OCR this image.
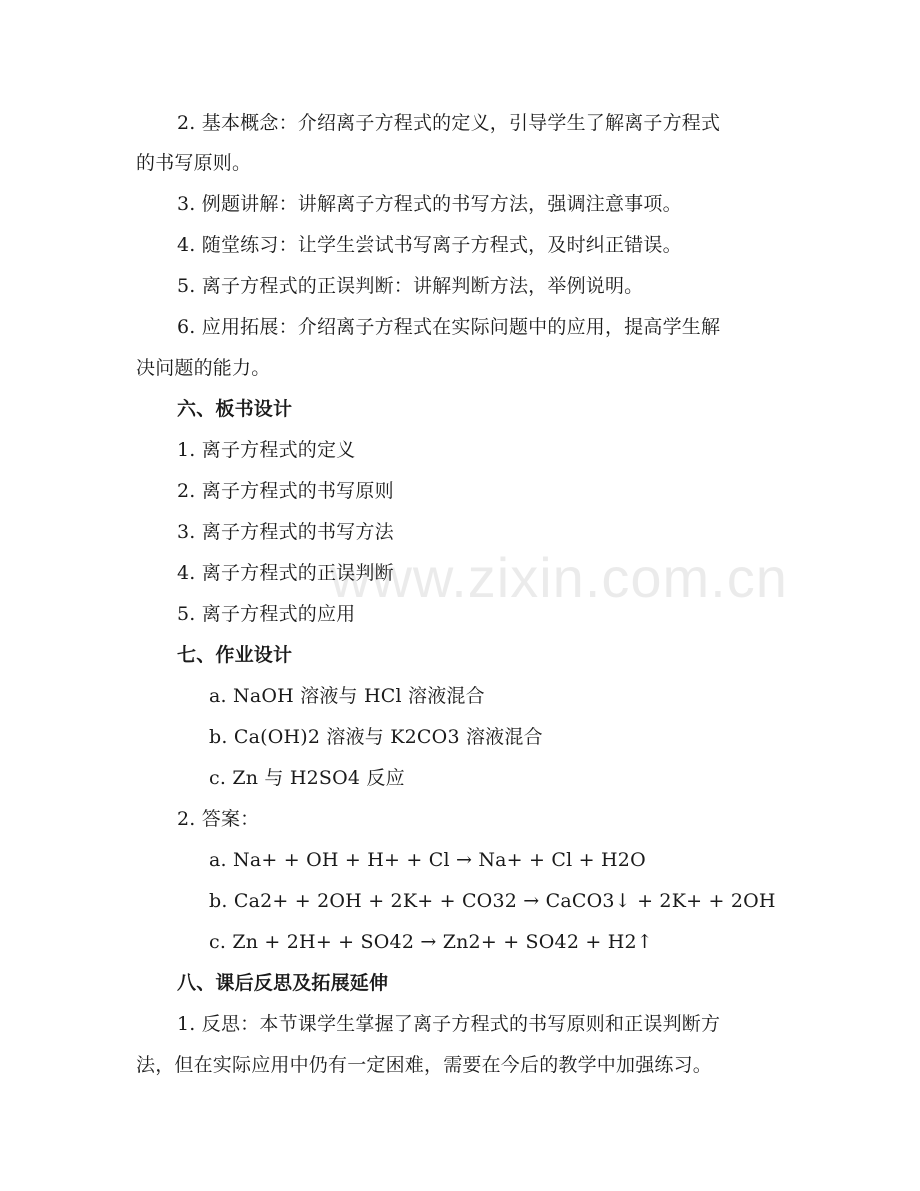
2. 基本概念：介绍离子方程式的定义，引导学生了解离子方程式
的书写原则。
3. 例题讲解：讲解离子方程式的书写方法，强调注意事项。
4. 随堂练习：让学生尝试书写离子方程式，及时纠正错误。
5. 离子方程式的正误判断：讲解判断方法，举例说明。
6. 应用拓展：介绍离子方程式在实际问题中的应用，提高学生解
决问题的能力。
六、板书设计
1. 离子方程式的定义
2. 离子方程式的书写原则
3. 离子方程式的书写方法
4. 离子方程式的正误判断
5. 离子方程式的应用
七、作业设计
a. NaOH 溶液与 HCl 溶液混合
b. Ca(OH)2 溶液与 K2CO3 溶液混合
c. Zn 与 H2SO4 反应
2. 答案：
a. Na+ + OH + H+ + Cl → Na+ + Cl + H2O
b. Ca2+ + 2OH + 2K+ + CO32 → CaCO3↓ + 2K+ + 2OH
c. Zn + 2H+ + SO42 → Zn2+ + SO42 + H2↑
八、课后反思及拓展延伸
1. 反思：本节课学生掌握了离子方程式的书写原则和正误判断方
法，但在实际应用中仍有一定困难，需要在今后的教学中加强练习。
www.zixin.com.cn
